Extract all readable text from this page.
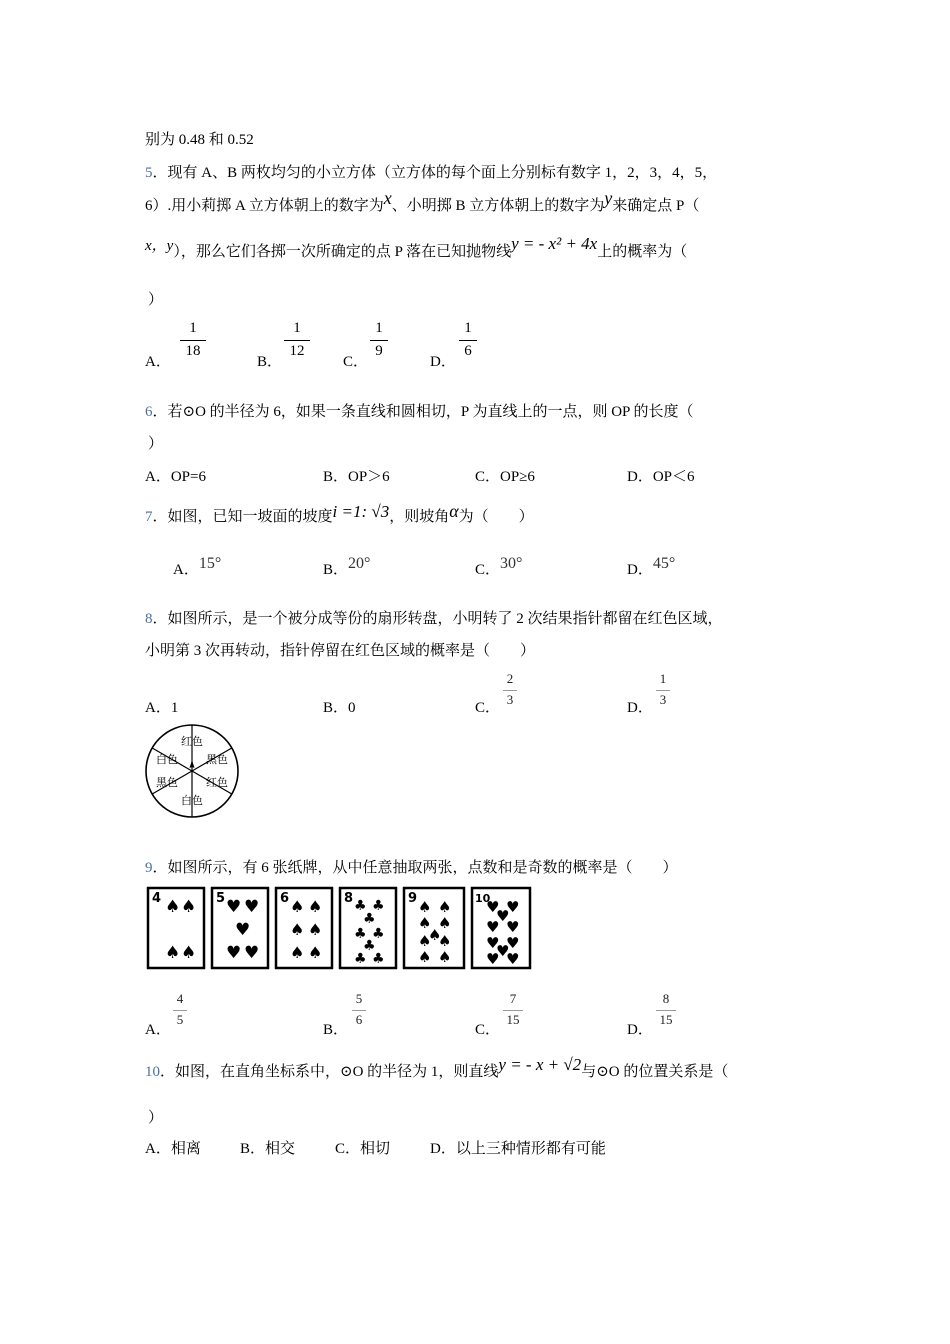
别为 0.48 和 0.52
5．现有 A、B 两枚均匀的小立方体（立方体的每个面上分别标有数字 1，2，3，4，5，
6）.用小莉掷 A 立方体朝上的数字为x、小明掷 B 立方体朝上的数字为y来确定点 P（
x，y），那么它们各掷一次所确定的点 P 落在已知抛物线y = - x² + 4x上的概率为（
）
A．
$\frac{1}{18}$
B．
$\frac{1}{12}$
C．
$\frac{1}{9}$
D．
$\frac{1}{6}$
6．若⊙O 的半径为 6，如果一条直线和圆相切，P 为直线上的一点，则 OP 的长度（
）
A．OP=6	B．OP＞6	C．OP≥6	D．OP＜6
7．如图，已知一坡面的坡度i =1: √3，则坡角α为（　　）
A．15°	B．20°	C．30°	D．45°
8．如图所示，是一个被分成等份的扇形转盘，小明转了 2 次结果指针都留在红色区域，
小明第 3 次再转动，指针停留在红色区域的概率是（　　）
A．1	B．0	C．
$\frac{2}{3}$
D．
$\frac{1}{3}$
红色
黑色
红色
白色
黑色
白色
9．如图所示，有 6 张纸牌，从中任意抽取两张，点数和是奇数的概率是（　　）
4 ♠ ♠
♠ ♠
5 ♥ ♥
♥
♥ ♥
6 ♠ ♠
♠ ♠
♠ ♠
8 ♣ ♣
♣
♣ ♣
♣
♣ ♣
9 ♠ ♠
♠ ♠
♠
♠ ♠
♠ ♠
10
♥ ♥
♥
♥ ♥
♥ ♥
♥
♥ ♥
A．
$\frac{4}{5}$
B．
$\frac{5}{6}$
C．
$\frac{7}{15}$
D．
$\frac{8}{15}$
10．如图，在直角坐标系中，⊙O 的半径为 1，则直线y = - x + √2与⊙O 的位置关系是（
）
A．相离	B．相交	C．相切	D．以上三种情形都有可能
